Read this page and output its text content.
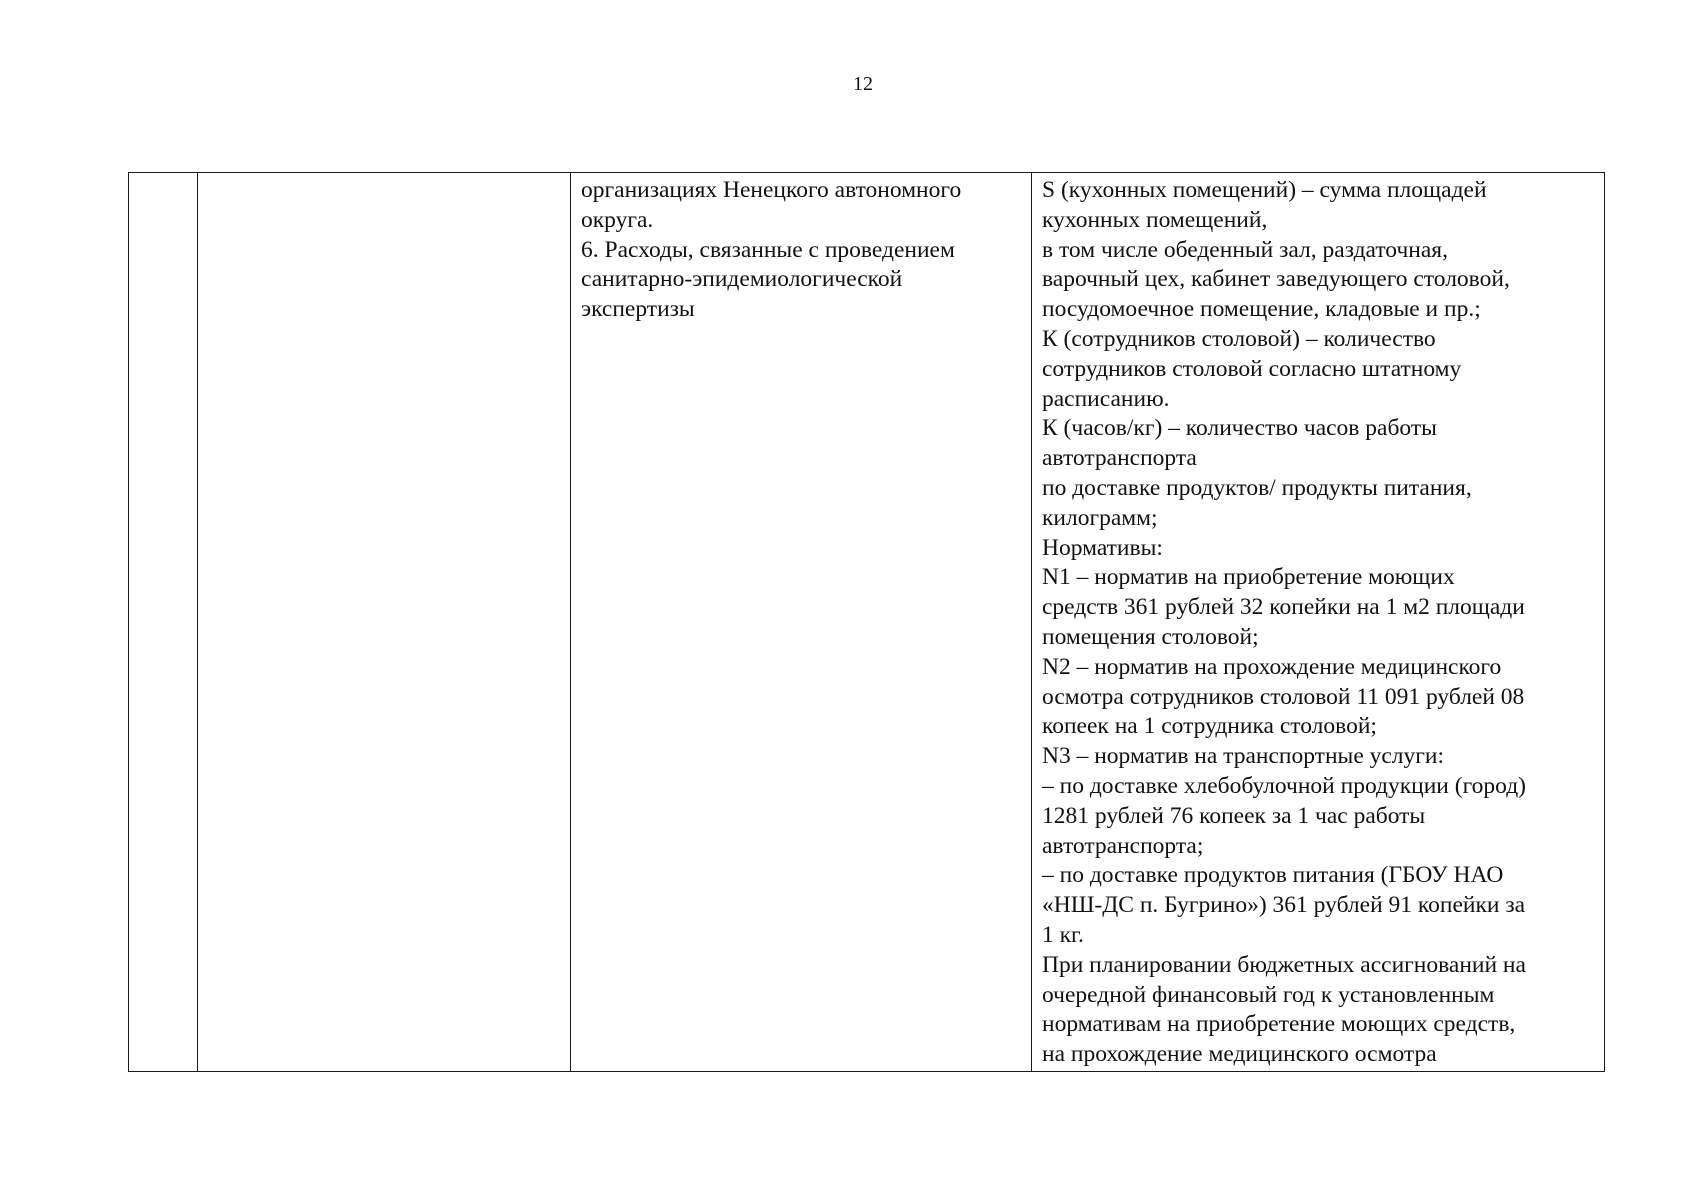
12

организациях Ненецкого автономного
округа.
6. Расходы, связанные с проведением
санитарно-эпидемиологической
экспертизы

S (кухонных помещений) – сумма площадей
кухонных помещений,
в том числе обеденный зал, раздаточная,
варочный цех, кабинет заведующего столовой,
посудомоечное помещение, кладовые и пр.;
К (сотрудников столовой) – количество
сотрудников столовой согласно штатному
расписанию.
К (часов/кг) – количество часов работы
автотранспорта
по доставке продуктов/ продукты питания,
килограмм;
Нормативы:
N1 – норматив на приобретение моющих
средств 361 рублей 32 копейки на 1 м2 площади
помещения столовой;
N2 – норматив на прохождение медицинского
осмотра сотрудников столовой 11 091 рублей 08
копеек на 1 сотрудника столовой;
N3 – норматив на транспортные услуги:
– по доставке хлебобулочной продукции (город)
1281 рублей 76 копеек за 1 час работы
автотранспорта;
– по доставке продуктов питания (ГБОУ НАО
«НШ-ДС п. Бугрино») 361 рублей 91 копейки за
1 кг.
При планировании бюджетных ассигнований на
очередной финансовый год к установленным
нормативам на приобретение моющих средств,
на прохождение медицинского осмотра
